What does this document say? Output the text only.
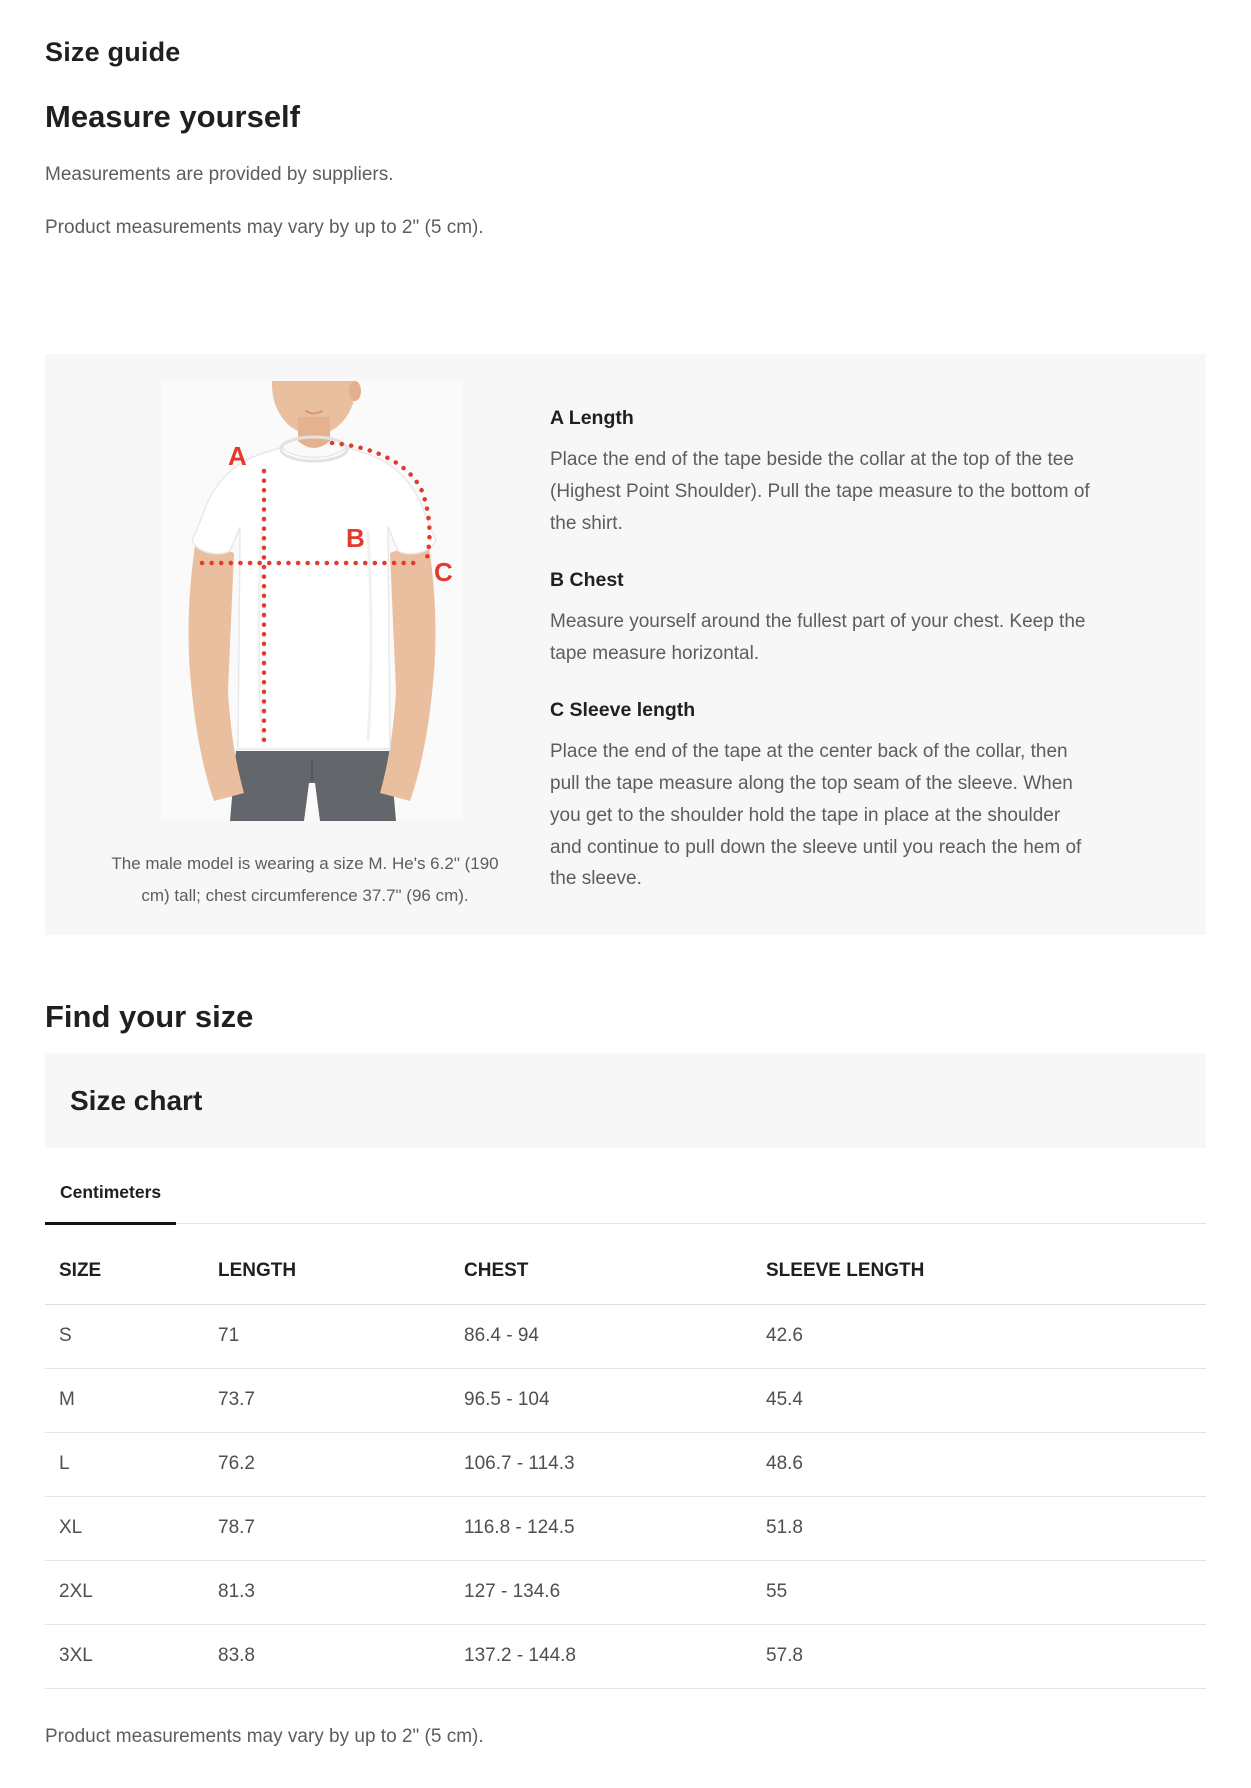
Size guide
Measure yourself

Measurements are provided by suppliers.

Product measurements may vary by up to 2" (5 cm).

A
B
C

The male model is wearing a size M. He's 6.2" (190 cm) tall; chest circumference 37.7" (96 cm).

A Length

Place the end of the tape beside the collar at the top of the tee (Highest Point Shoulder). Pull the tape measure to the bottom of the shirt.

B Chest

Measure yourself around the fullest part of your chest. Keep the tape measure horizontal.

C Sleeve length

Place the end of the tape at the center back of the collar, then pull the tape measure along the top seam of the sleeve. When you get to the shoulder hold the tape in place at the shoulder and continue to pull down the sleeve until you reach the hem of the sleeve.

Find your size
Size chart
Centimeters
SIZE	LENGTH	CHEST	SLEEVE LENGTH
S	71	86.4 - 94	42.6
M	73.7	96.5 - 104	45.4
L	76.2	106.7 - 114.3	48.6
XL	78.7	116.8 - 124.5	51.8
2XL	81.3	127 - 134.6	55
3XL	83.8	137.2 - 144.8	57.8

Product measurements may vary by up to 2" (5 cm).
